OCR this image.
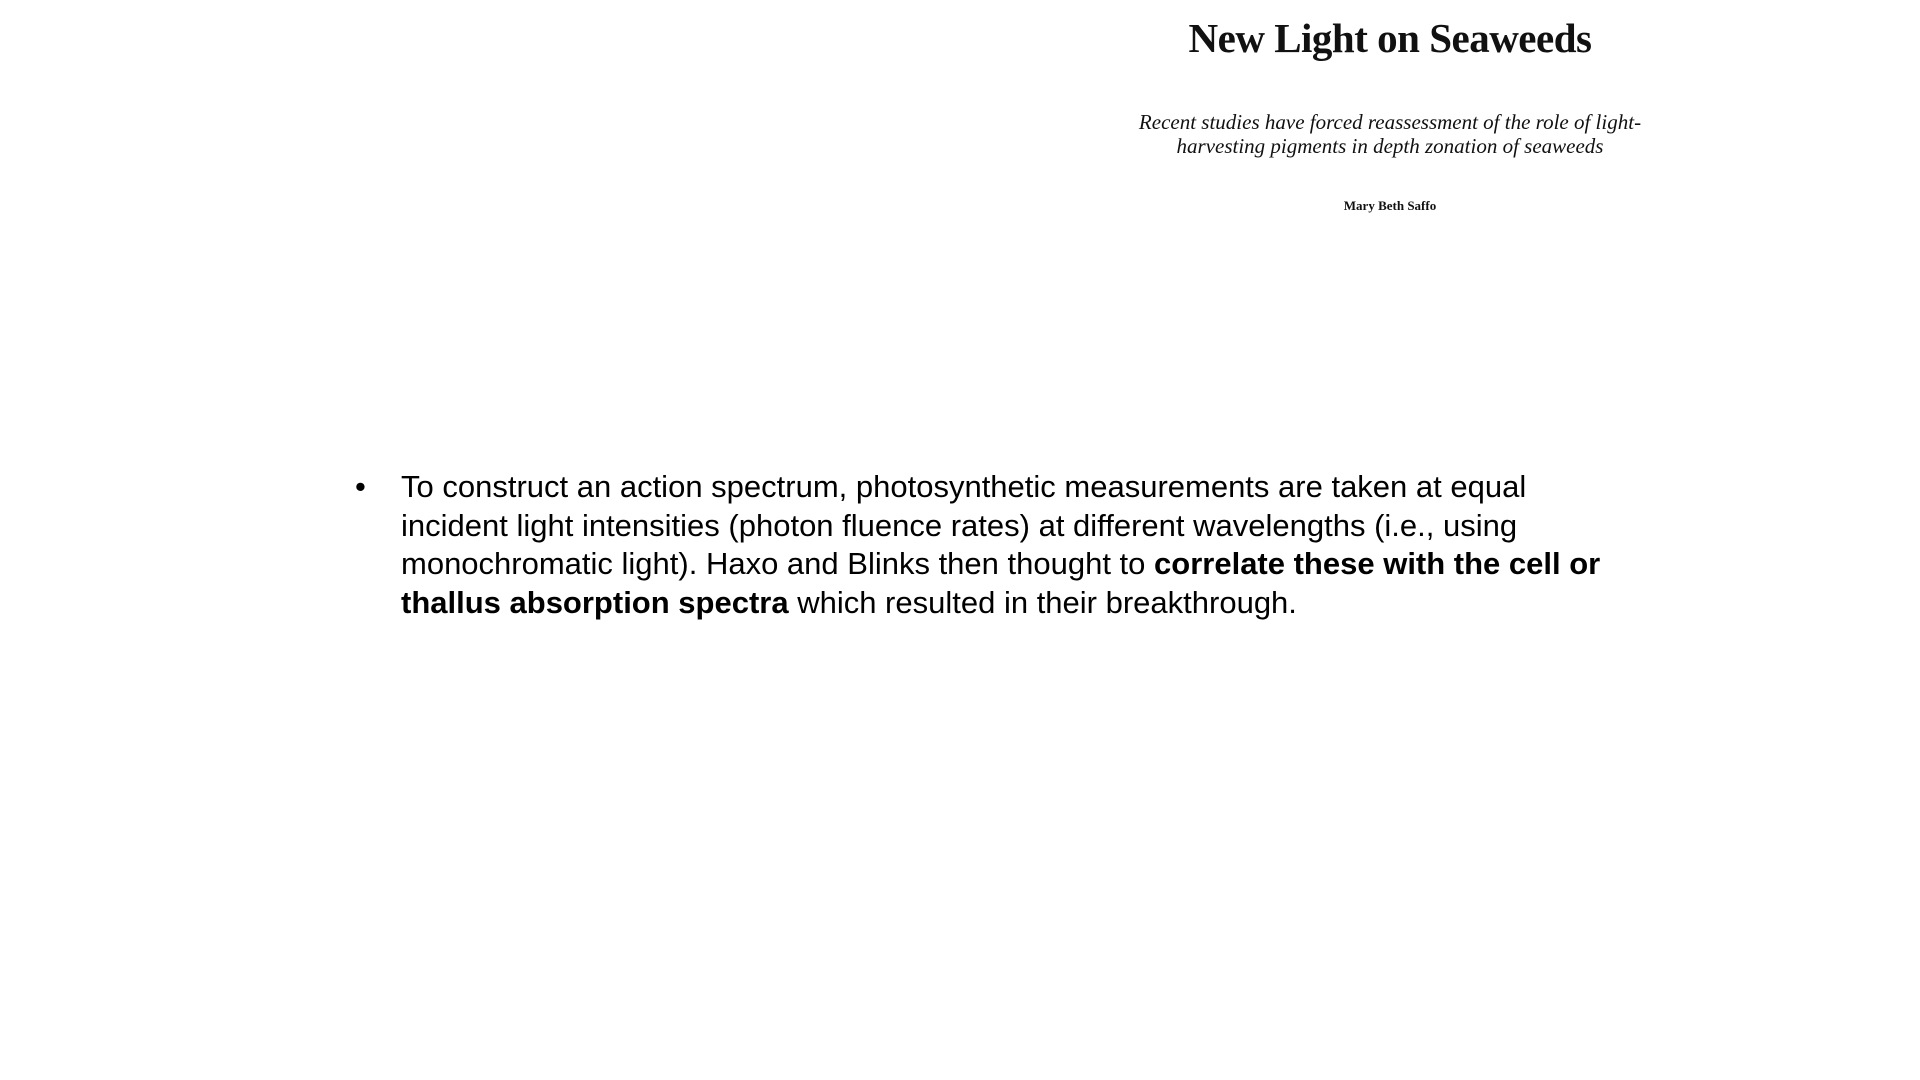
New Light on Seaweeds
Recent studies have forced reassessment of the role of light-
harvesting pigments in depth zonation of seaweeds
Mary Beth Saffo
• To construct an action spectrum, photosynthetic measurements are taken at equal incident light intensities (photon fluence rates) at different wavelengths (i.e., using monochromatic light). Haxo and Blinks then thought to correlate these with the cell or thallus absorption spectra which resulted in their breakthrough.
